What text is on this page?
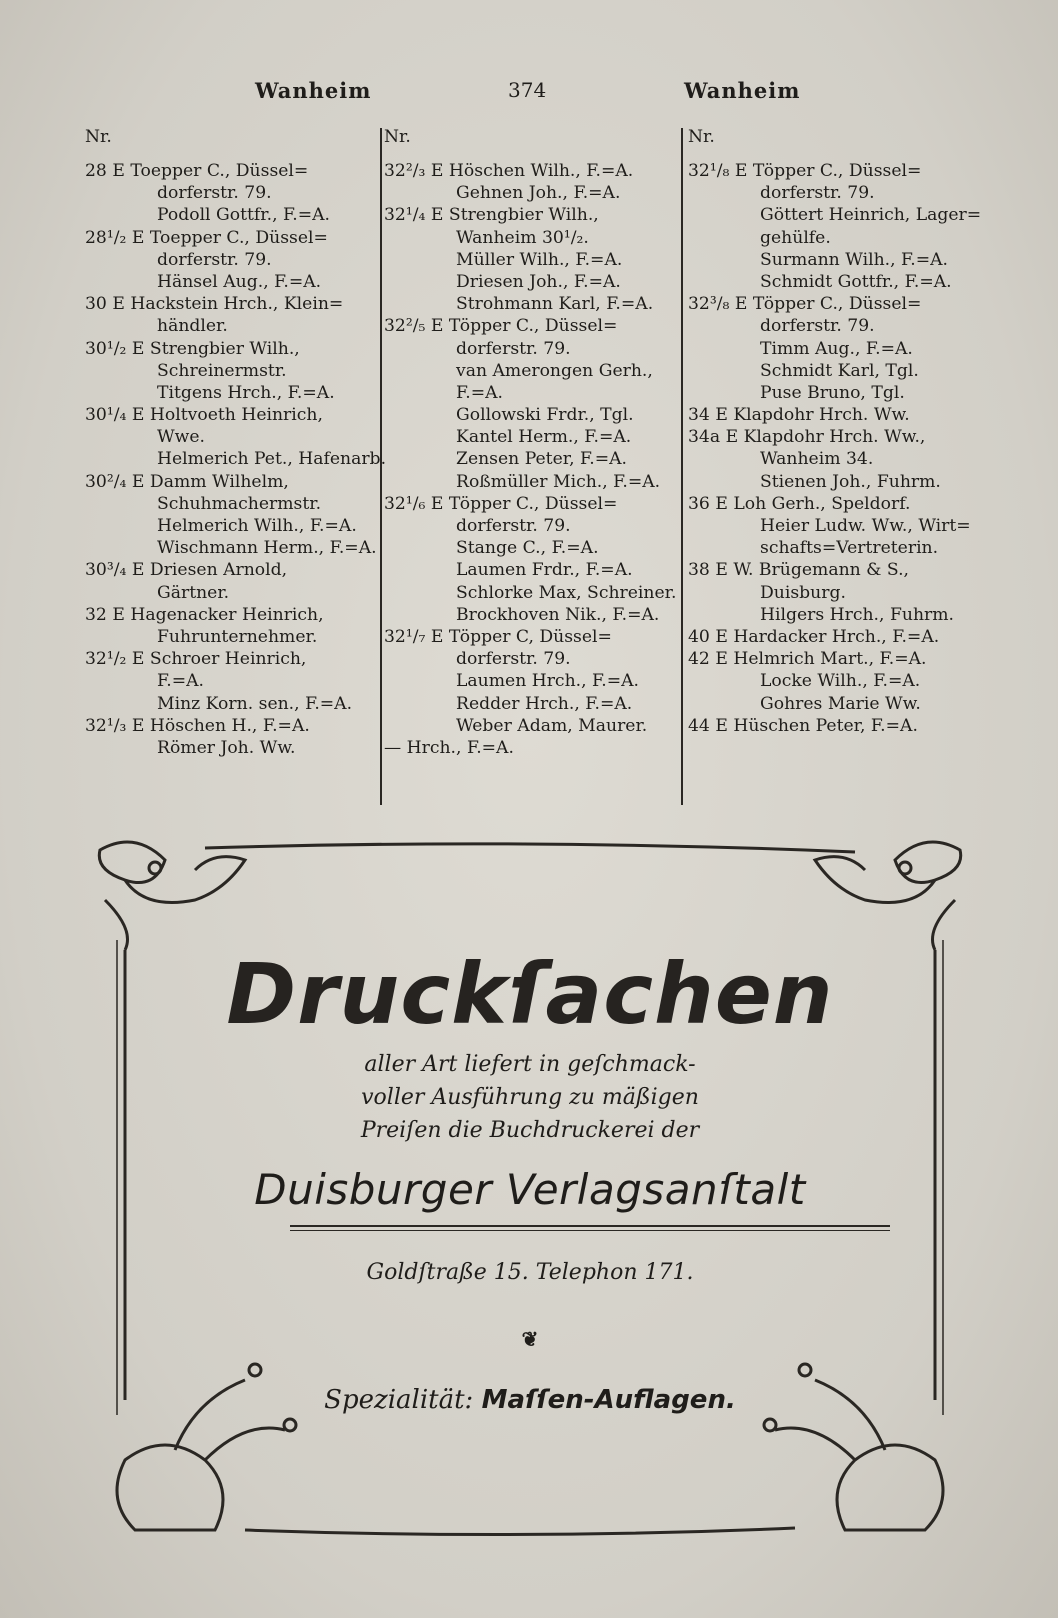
Wanheim	374	Wanheim
Nr.
28 E Toepper C., Düssel=
dorferstr. 79.
Podoll Gottfr., F.=A.
28¹/₂ E Toepper C., Düssel=
dorferstr. 79.
Hänsel Aug., F.=A.
30 E Hackstein Hrch., Klein=
händler.
30¹/₂ E Strengbier Wilh.,
Schreinermstr.
Titgens Hrch., F.=A.
30¹/₄ E Holtvoeth Heinrich,
Wwe.
Helmerich Pet., Hafenarb.
30²/₄ E Damm Wilhelm,
Schuhmachermstr.
Helmerich Wilh., F.=A.
Wischmann Herm., F.=A.
30³/₄ E Driesen Arnold,
Gärtner.
32 E Hagenacker Heinrich,
Fuhrunternehmer.
32¹/₂ E Schroer Heinrich,
F.=A.
Minz Korn. sen., F.=A.
32¹/₃ E Höschen H., F.=A.
Römer Joh. Ww.
Nr.
32²/₃ E Höschen Wilh., F.=A.
Gehnen Joh., F.=A.
32¹/₄ E Strengbier Wilh.,
Wanheim 30¹/₂.
Müller Wilh., F.=A.
Driesen Joh., F.=A.
Strohmann Karl, F.=A.
32²/₅ E Töpper C., Düssel=
dorferstr. 79.
van Amerongen Gerh.,
F.=A.
Gollowski Frdr., Tgl.
Kantel Herm., F.=A.
Zensen Peter, F.=A.
Roßmüller Mich., F.=A.
32¹/₆ E Töpper C., Düssel=
dorferstr. 79.
Stange C., F.=A.
Laumen Frdr., F.=A.
Schlorke Max, Schreiner.
Brockhoven Nik., F.=A.
32¹/₇ E Töpper C, Düssel=
dorferstr. 79.
Laumen Hrch., F.=A.
Redder Hrch., F.=A.
Weber Adam, Maurer.
— Hrch., F.=A.
Nr.
32¹/₈ E Töpper C., Düssel=
dorferstr. 79.
Göttert Heinrich, Lager=
gehülfe.
Surmann Wilh., F.=A.
Schmidt Gottfr., F.=A.
32³/₈ E Töpper C., Düssel=
dorferstr. 79.
Timm Aug., F.=A.
Schmidt Karl, Tgl.
Puse Bruno, Tgl.
34 E Klapdohr Hrch. Ww.
34a E Klapdohr Hrch. Ww.,
Wanheim 34.
Stienen Joh., Fuhrm.
36 E Loh Gerh., Speldorf.
Heier Ludw. Ww., Wirt=
schafts=Vertreterin.
38 E W. Brügemann & S.,
Duisburg.
Hilgers Hrch., Fuhrm.
40 E Hardacker Hrch., F.=A.
42 E Helmrich Mart., F.=A.
Locke Wilh., F.=A.
Gohres Marie Ww.
44 E Hüschen Peter, F.=A.
Druckſachen
aller Art liefert in geſchmack-
voller Ausführung zu mäßigen
Preiſen die Buchdruckerei der
Duisburger Verlagsanſtalt
Goldſtraße 15. Telephon 171.
❦
Spezialität: Maſſen-Auflagen.
